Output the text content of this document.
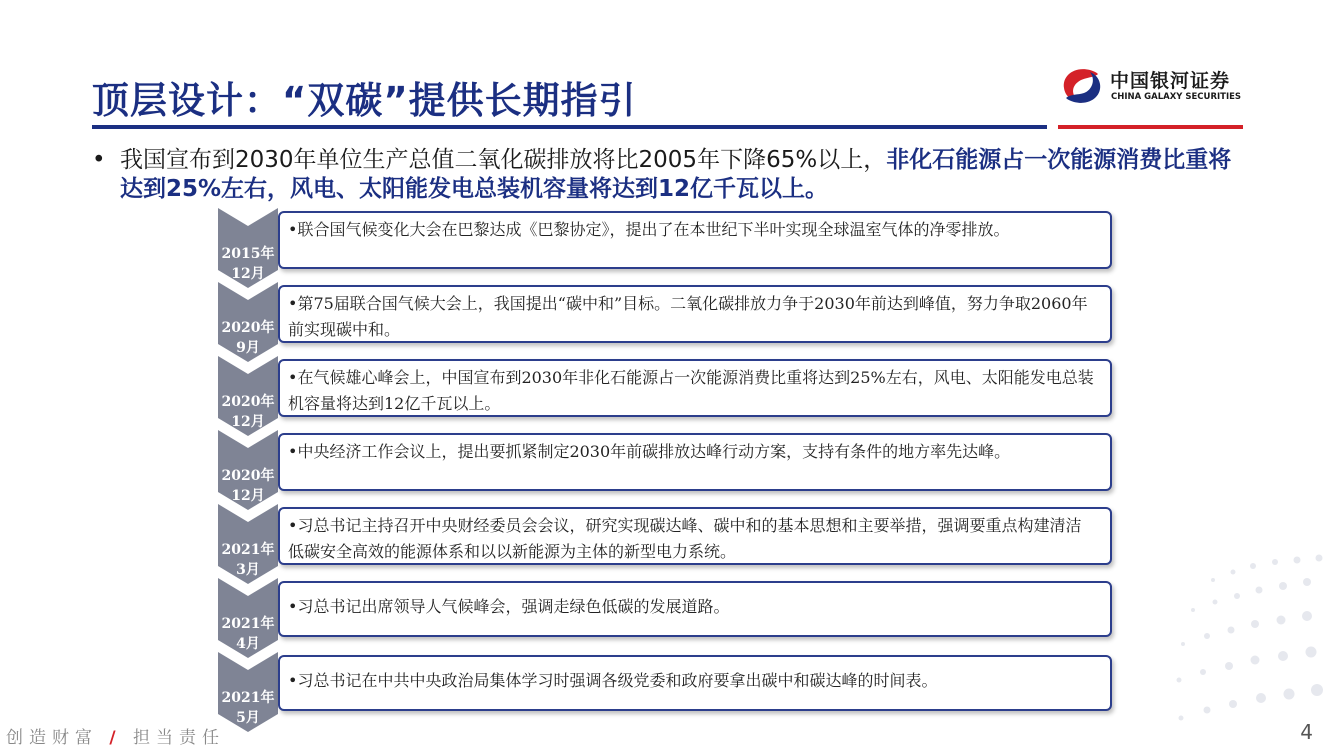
顶层设计：“双碳”提供长期指引	中国银河证券
CHINA GALAXY SECURITIES
• 我国宣布到2030年单位生产总值二氧化碳排放将比2005年下降65%以上，非化石能源占一次能源消费比重将达到25%左右，风电、太阳能发电总装机容量将达到12亿千瓦以上。
2015年
12月
•联合国气候变化大会在巴黎达成《巴黎协定》，提出了在本世纪下半叶实现全球温室气体的净零排放。
2020年
9月
•第75届联合国气候大会上，我国提出“碳中和”目标。二氧化碳排放力争于2030年前达到峰值，努力争取2060年前实现碳中和。
2020年
12月
•在气候雄心峰会上，中国宣布到2030年非化石能源占一次能源消费比重将达到25%左右，风电、太阳能发电总装机容量将达到12亿千瓦以上。
2020年
12月
•中央经济工作会议上，提出要抓紧制定2030年前碳排放达峰行动方案，支持有条件的地方率先达峰。
2021年
3月
•习总书记主持召开中央财经委员会会议，研究实现碳达峰、碳中和的基本思想和主要举措，强调要重点构建清洁低碳安全高效的能源体系和以以新能源为主体的新型电力系统。
2021年
4月
•习总书记出席领导人气候峰会，强调走绿色低碳的发展道路。
2021年
5月
•习总书记在中共中央政治局集体学习时强调各级党委和政府要拿出碳中和碳达峰的时间表。
创造财富 / 担当责任	4
